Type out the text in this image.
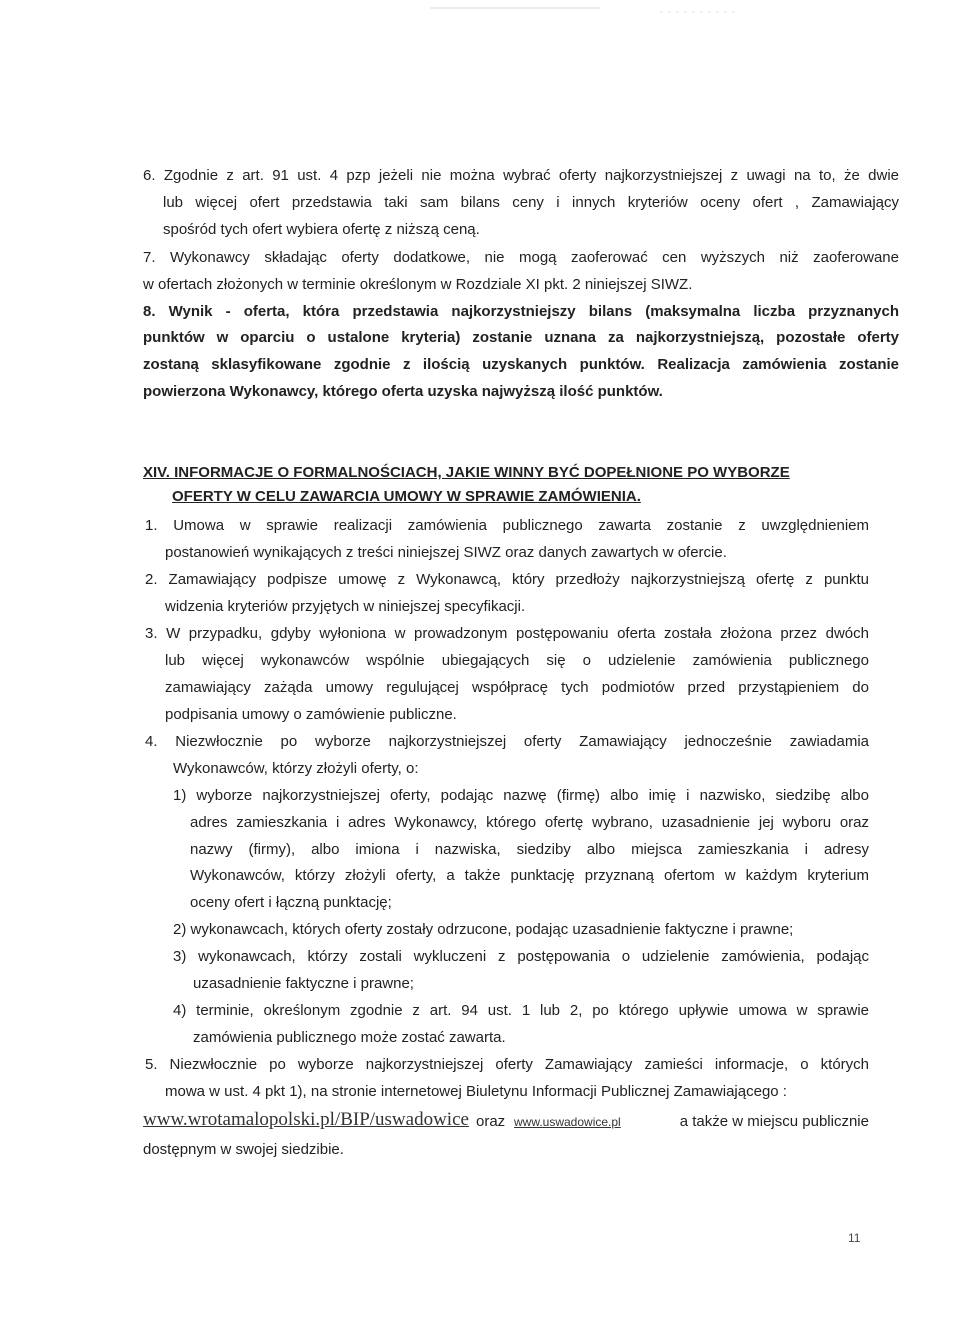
6. Zgodnie z art. 91 ust. 4 pzp jeżeli nie można wybrać oferty najkorzystniejszej z uwagi na to, że dwie
lub więcej ofert przedstawia taki sam bilans ceny i innych kryteriów oceny ofert , Zamawiający
spośród tych ofert wybiera ofertę z niższą ceną.
7. Wykonawcy składając oferty dodatkowe, nie mogą zaoferować cen wyższych niż zaoferowane
w ofertach złożonych w terminie określonym w Rozdziale XI pkt. 2 niniejszej SIWZ.
8. Wynik - oferta, która przedstawia najkorzystniejszy bilans (maksymalna liczba przyznanych
punktów w oparciu o ustalone kryteria) zostanie uznana za najkorzystniejszą, pozostałe oferty
zostaną sklasyfikowane zgodnie z ilością uzyskanych punktów. Realizacja zamówienia zostanie
powierzona Wykonawcy, którego oferta uzyska najwyższą ilość punktów.
XIV. INFORMACJE O FORMALNOŚCIACH, JAKIE WINNY BYĆ DOPEŁNIONE PO WYBORZE
OFERTY W CELU ZAWARCIA UMOWY W SPRAWIE ZAMÓWIENIA.
1. Umowa w sprawie realizacji zamówienia publicznego zawarta zostanie z uwzględnieniem
postanowień wynikających z treści niniejszej SIWZ oraz danych zawartych w ofercie.
2. Zamawiający podpisze umowę z Wykonawcą, który przedłoży najkorzystniejszą ofertę z punktu
widzenia kryteriów przyjętych w niniejszej specyfikacji.
3. W przypadku, gdyby wyłoniona w prowadzonym postępowaniu oferta została złożona przez dwóch
lub więcej wykonawców wspólnie ubiegających się o udzielenie zamówienia publicznego
zamawiający zażąda umowy regulującej współpracę tych podmiotów przed przystąpieniem do
podpisania umowy o zamówienie publiczne.
4. Niezwłocznie po wyborze najkorzystniejszej oferty Zamawiający jednocześnie zawiadamia
Wykonawców, którzy złożyli oferty, o:
1) wyborze najkorzystniejszej oferty, podając nazwę (firmę) albo imię i nazwisko, siedzibę albo
adres zamieszkania i adres Wykonawcy, którego ofertę wybrano, uzasadnienie jej wyboru oraz
nazwy (firmy), albo imiona i nazwiska, siedziby albo miejsca zamieszkania i adresy
Wykonawców, którzy złożyli oferty, a także punktację przyznaną ofertom w każdym kryterium
oceny ofert i łączną punktację;
2) wykonawcach, których oferty zostały odrzucone, podając uzasadnienie faktyczne i prawne;
3) wykonawcach, którzy zostali wykluczeni z postępowania o udzielenie zamówienia, podając
uzasadnienie faktyczne i prawne;
4) terminie, określonym zgodnie z art. 94 ust. 1 lub 2, po którego upływie umowa w sprawie
zamówienia publicznego może zostać zawarta.
5. Niezwłocznie po wyborze najkorzystniejszej oferty Zamawiający zamieści informacje, o których
mowa w ust. 4 pkt 1), na stronie internetowej Biuletynu Informacji Publicznej Zamawiającego :
www.wrotamalopolski.pl/BIP/uswadowice oraz www.uswadowice.pl	a także w miejscu publicznie
dostępnym w swojej siedzibie.
11
